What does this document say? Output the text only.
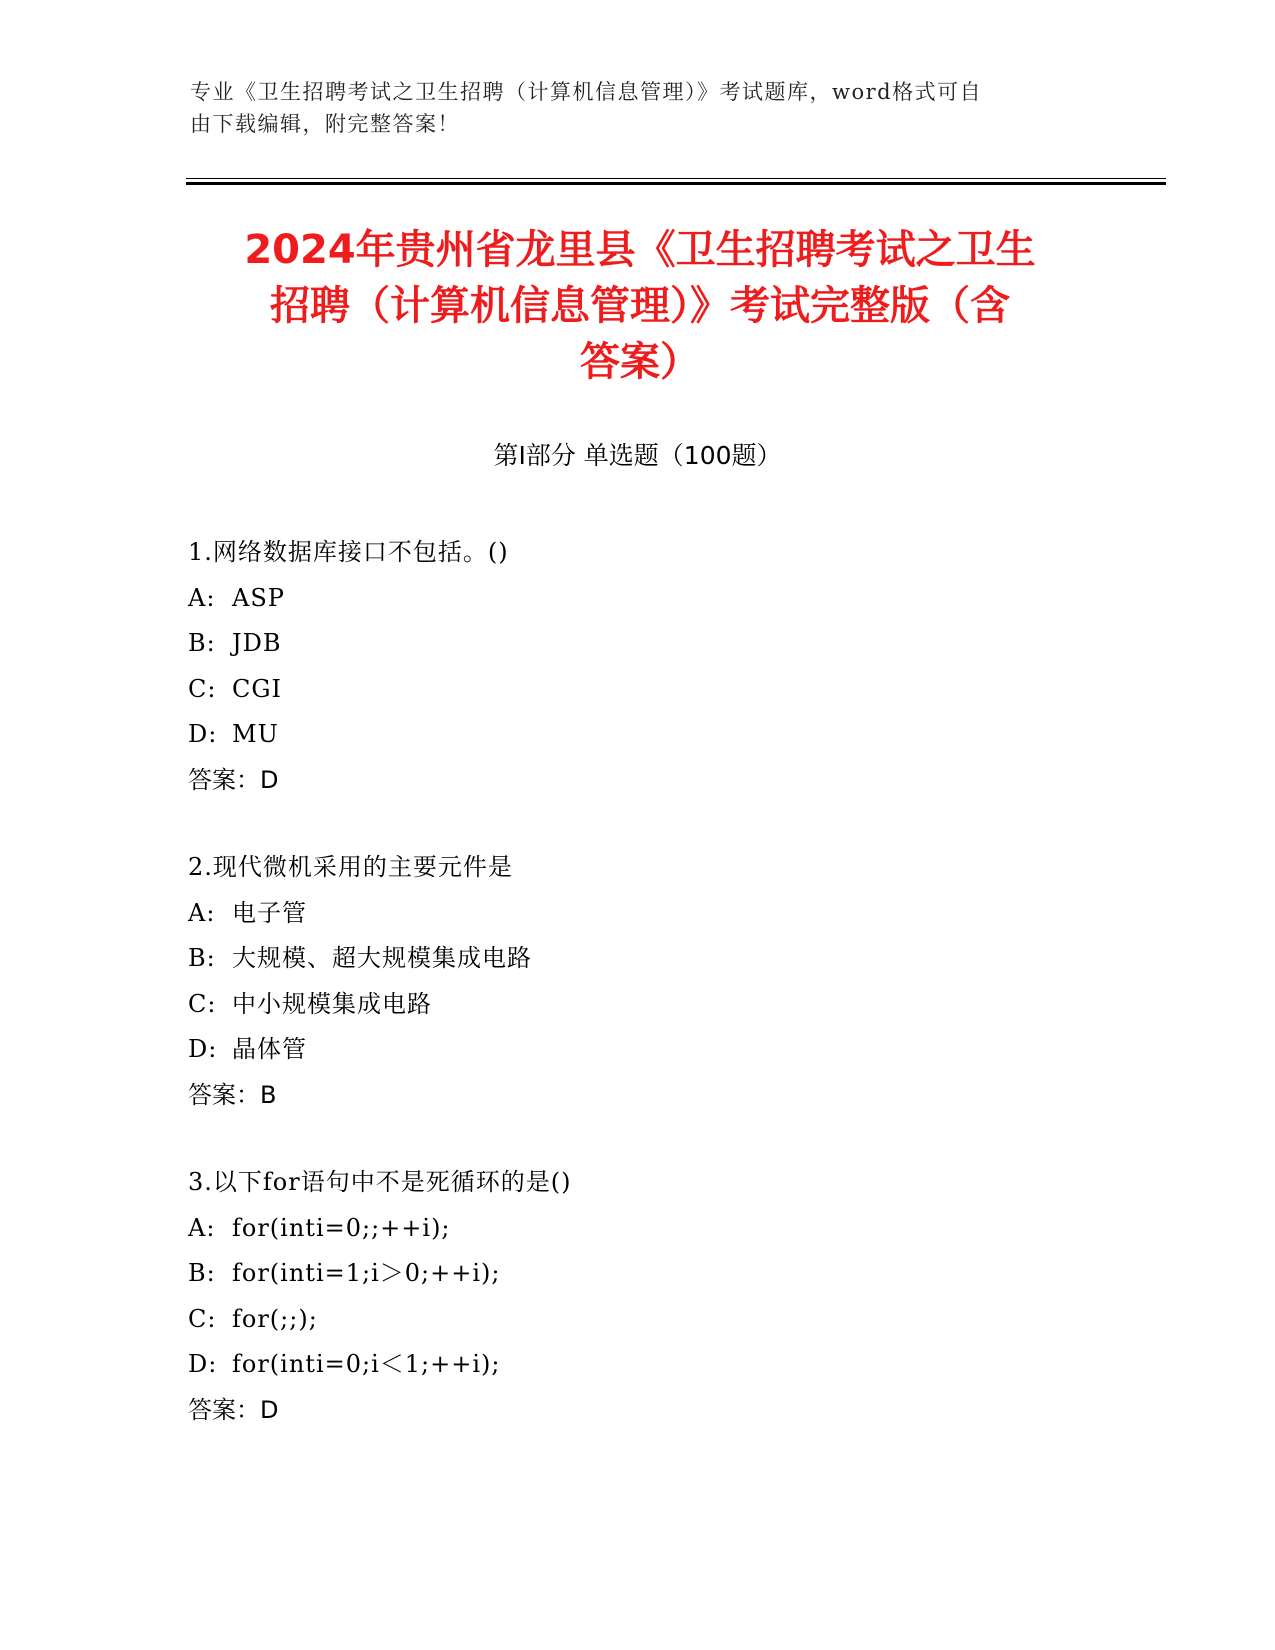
专业《卫生招聘考试之卫生招聘（计算机信息管理）》考试题库，word格式可自
由下载编辑，附完整答案！
2024年贵州省龙里县《卫生招聘考试之卫生
招聘（计算机信息管理）》考试完整版（含
答案）
第Ⅰ部分 单选题（100题）
1.网络数据库接口不包括。()
A: ASP
B: JDB
C: CGI
D: MU
答案：D
2.现代微机采用的主要元件是
A: 电子管
B: 大规模、超大规模集成电路
C: 中小规模集成电路
D: 晶体管
答案：B
3.以下for语句中不是死循环的是()
A: for(inti=0;;++i);
B: for(inti=1;i＞0;++i);
C: for(;;);
D: for(inti=0;i＜1;++i);
答案：D
